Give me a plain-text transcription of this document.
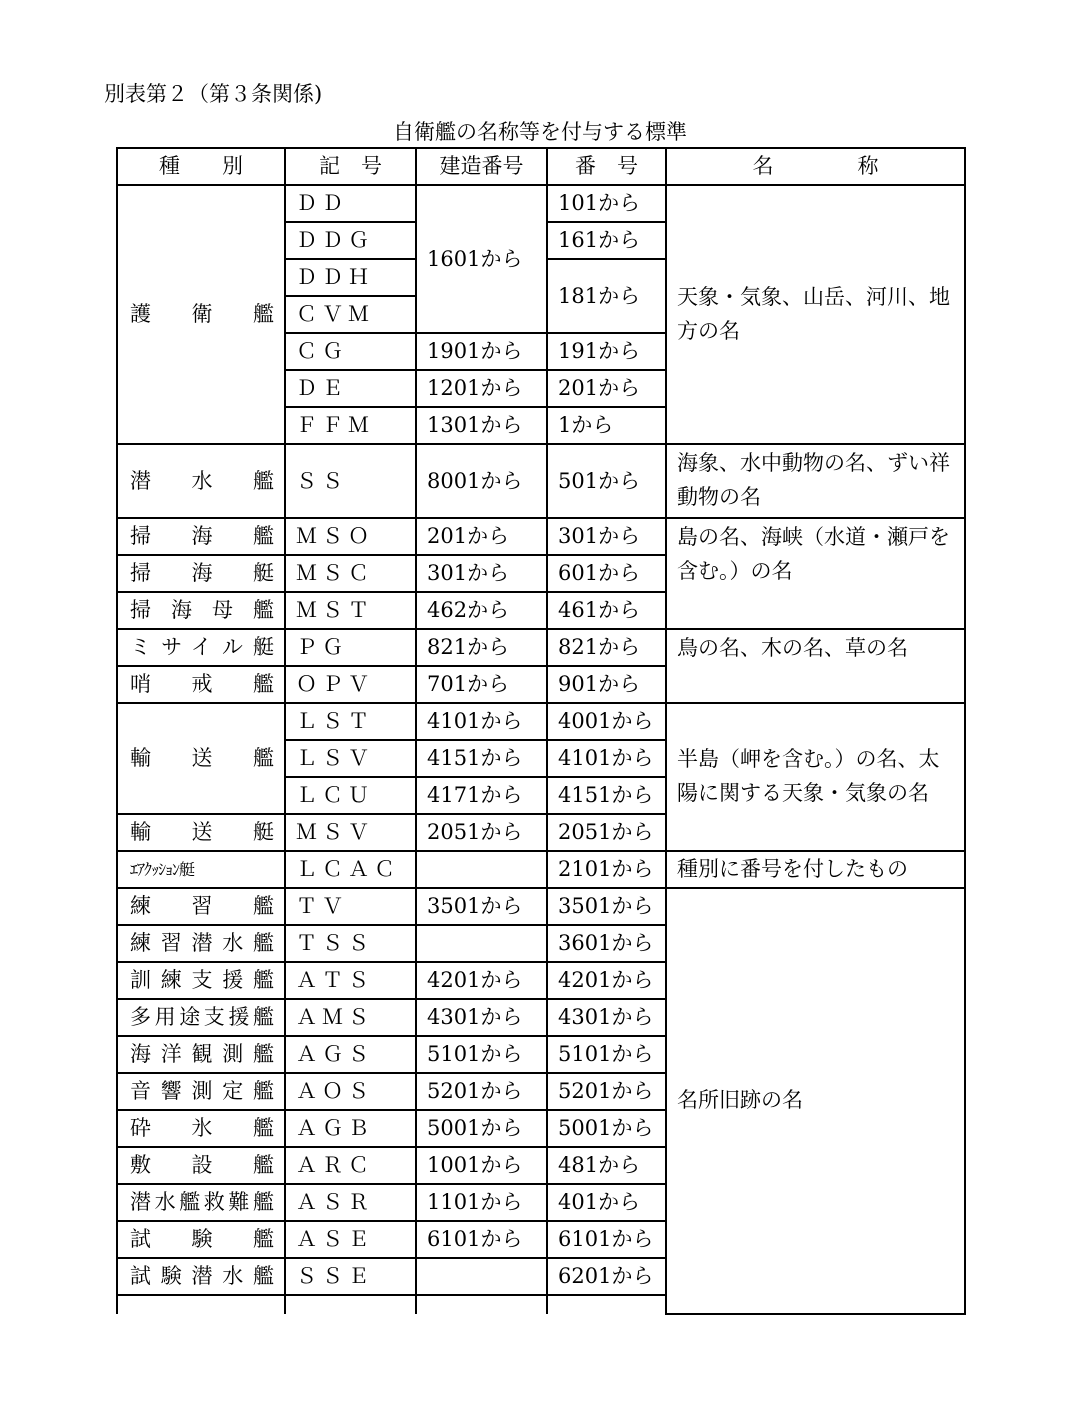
別表第２（第３条関係)
自衛艦の名称等を付与する標準
種　　別	記　号	建造番号	番　号	名　　　　称
護　衛　艦	ＤＤ	1601から	101から	天象・気象、山岳、河川、地方の名
	ＤＤＧ		161から	
	ＤＤＨ		181から	
	ＣＶＭ			
	ＣＧ	1901から	191から	
	ＤＥ	1201から	201から	
	ＦＦＭ	1301から	1から	
潜　水　艦	ＳＳ	8001から	501から	海象、水中動物の名、ずい祥動物の名
掃　海　艦	ＭＳＯ	201から	301から	島の名、海峡（水道・瀬戸を含む。）の名
掃　海　艇	ＭＳＣ	301から	601から	
掃海母艦	ＭＳＴ	462から	461から	
ミサイル艇	ＰＧ	821から	821から	鳥の名、木の名、草の名
哨　戒　艦	ＯＰＶ	701から	901から	
輸　送　艦	ＬＳＴ	4101から	4001から	半島（岬を含む。）の名、太陽に関する天象・気象の名
	ＬＳＶ	4151から	4101から	
	ＬＣＵ	4171から	4151から	
輸　送　艇	ＭＳＶ	2051から	2051から	
ｴｱｸｯｼｮﾝ艇	ＬＣＡＣ		2101から	種別に番号を付したもの
練　習　艦	ＴＶ	3501から	3501から	名所旧跡の名
練習潜水艦	ＴＳＳ		3601から	
訓練支援艦	ＡＴＳ	4201から	4201から	
多用途支援艦	ＡＭＳ	4301から	4301から	
海洋観測艦	ＡＧＳ	5101から	5101から	
音響測定艦	ＡＯＳ	5201から	5201から	
砕　氷　艦	ＡＧＢ	5001から	5001から	
敷　設　艦	ＡＲＣ	1001から	481から	
潜水艦救難艦	ＡＳＲ	1101から	401から	
試　験　艦	ＡＳＥ	6101から	6101から	
試験潜水艦	ＳＳＥ		6201から	
